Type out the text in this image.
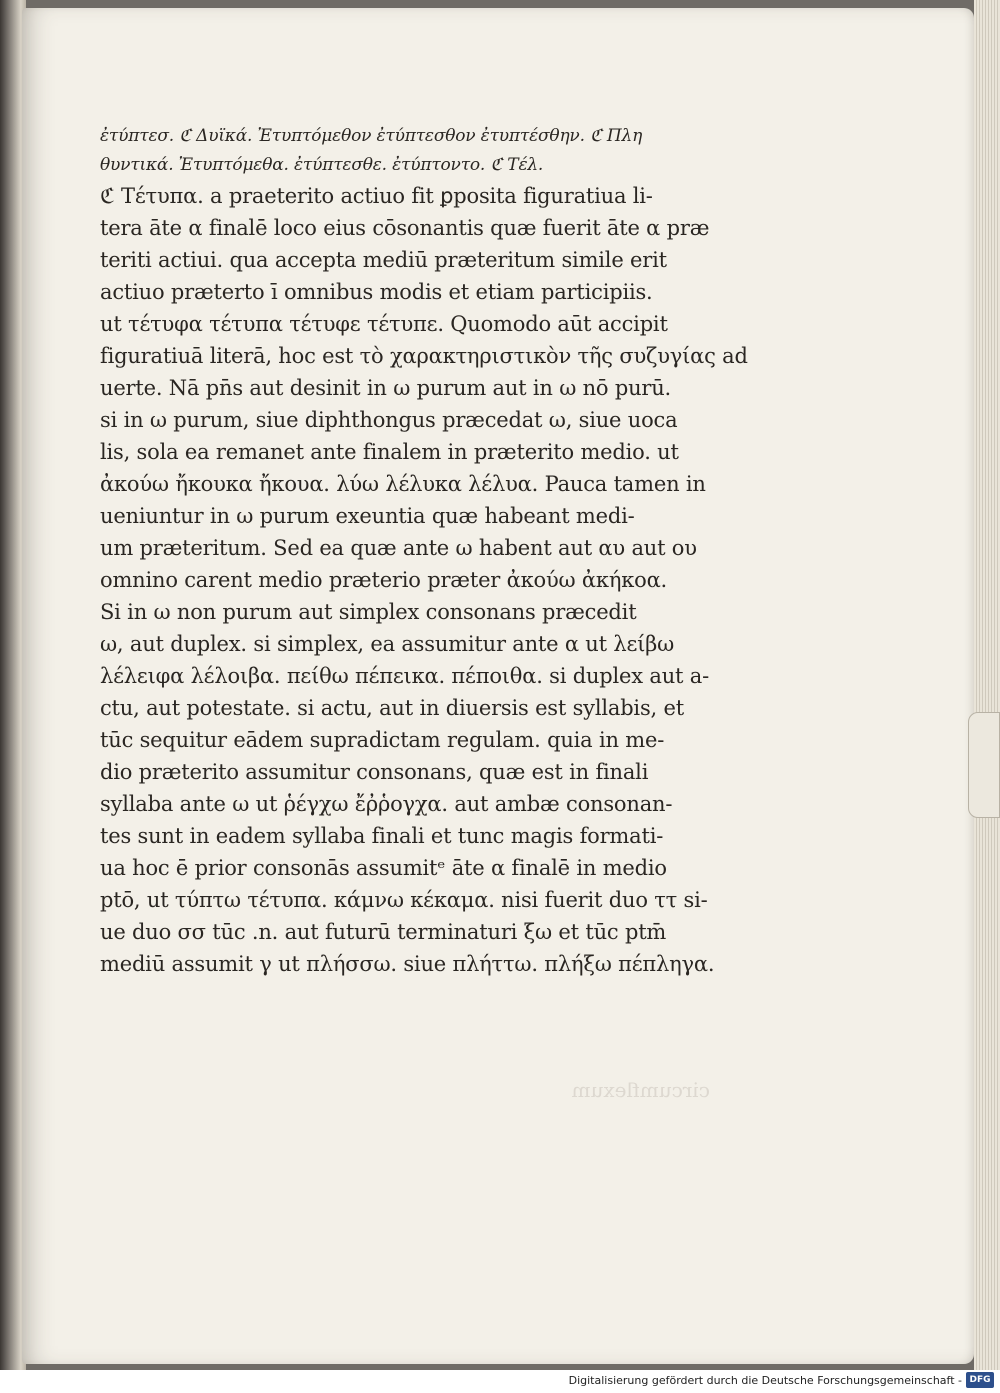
circumflexum
ἐτύπτεσ. ℭ Δυϊκά. Ἐτυπτόμεθον ἐτύπτεσθον ἐτυπτέσθην. ℭ Πλη
θυντικά. Ἐτυπτόμεθα. ἐτύπτεσθε. ἐτύπτοντο. ℭ Τέλ.
ℭ Τέτυπα. a praeterito actiuo fit ꝑposita figuratiua li-
tera āte α finalē loco eius cōsonantis quæ fuerit āte α præ
teriti actiui. qua accepta mediū præteritum simile erit
actiuo præterto ī omnibus modis et etiam participiis.
ut τέτυφα τέτυπα τέτυφε τέτυπε. Quomodo aūt accipit
figuratiuā literā, hoc est τὸ χαρακτηριστικὸν τῆς συζυγίας ad
uerte. Nā pn̄s aut desinit in ω purum aut in ω nō purū.
si in ω purum, siue diphthongus præcedat ω, siue uoca
lis, sola ea remanet ante finalem in præterito medio. ut
ἀκούω ἤκουκα ἤκουα. λύω λέλυκα λέλυα. Pauca tamen in
ueniuntur in ω purum exeuntia quæ habeant medi-
um præteritum. Sed ea quæ ante ω habent aut αυ aut ου
omnino carent medio præterio præter ἀκούω ἀκήκοα.
Si in ω non purum aut simplex consonans præcedit
ω, aut duplex. si simplex, ea assumitur ante α ut λείβω
λέλειφα λέλοιβα. πείθω πέπεικα. πέποιθα. si duplex aut a-
ctu, aut potestate. si actu, aut in diuersis est syllabis, et
tūc sequitur eādem supradictam regulam. quia in me-
dio præterito assumitur consonans, quæ est in finali
syllaba ante ω ut ῥέγχω ἔῤῥογχα. aut ambæ consonan-
tes sunt in eadem syllaba finali et tunc magis formati-
ua hoc ē prior consonās assumitᵉ āte α finalē in medio
ptō, ut τύπτω τέτυπα. κάμνω κέκαμα. nisi fuerit duo ττ si-
ue duo σσ tūc .n. aut futurū terminaturi ξω et tūc ptm̄
mediū assumit γ ut πλήσσω. siue πλήττω. πλήξω πέπληγα.
Digitalisierung gefördert durch die Deutsche Forschungsgemeinschaft - DFG
